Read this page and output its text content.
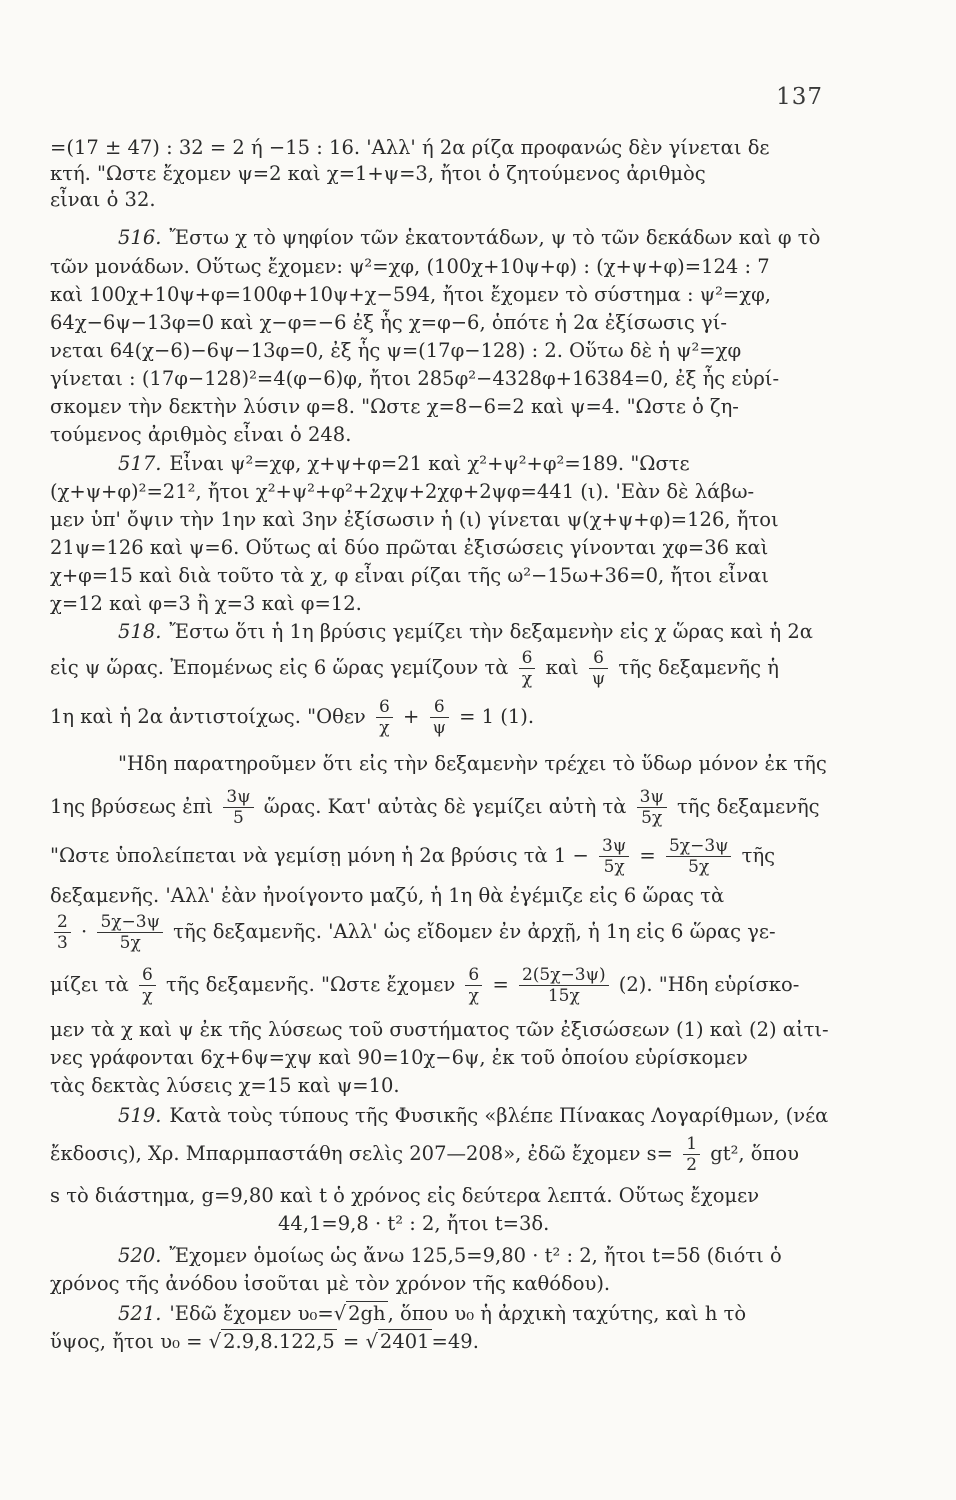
137
=(17 ± 47) : 32 = 2 ή −15 : 16. 'Αλλ' ή 2α ρίζα προφανώς δὲν γίνεται δε
κτή. "Ωστε ἔχομεν ψ=2 καὶ χ=1+ψ=3, ἤτοι ὁ ζητούμενος ἀριθμὸς
εἶναι ὁ 32.
516. Ἔστω χ τὸ ψηφίον τῶν ἑκατοντάδων, ψ τὸ τῶν δεκάδων καὶ φ τὸ
τῶν μονάδων. Οὕτως ἔχομεν: ψ²=χφ, (100χ+10ψ+φ) : (χ+ψ+φ)=124 : 7
καὶ 100χ+10ψ+φ=100φ+10ψ+χ−594, ἤτοι ἔχομεν τὸ σύστημα : ψ²=χφ,
64χ−6ψ−13φ=0 καὶ χ−φ=−6 ἐξ ἧς χ=φ−6, ὁπότε ἡ 2α ἐξίσωσις γί-
νεται 64(χ−6)−6ψ−13φ=0, ἐξ ἧς ψ=(17φ−128) : 2. Οὕτω δὲ ἡ ψ²=χφ
γίνεται : (17φ−128)²=4(φ−6)φ, ἤτοι 285φ²−4328φ+16384=0, ἐξ ἧς εὑρί-
σκομεν τὴν δεκτὴν λύσιν φ=8. "Ωστε χ=8−6=2 καὶ ψ=4. "Ωστε ὁ ζη-
τούμενος ἀριθμὸς εἶναι ὁ 248.
517. Εἶναι ψ²=χφ, χ+ψ+φ=21 καὶ χ²+ψ²+φ²=189. "Ωστε
(χ+ψ+φ)²=21², ἤτοι χ²+ψ²+φ²+2χψ+2χφ+2ψφ=441 (ι). 'Εὰν δὲ λάβω-
μεν ὑπ' ὄψιν τὴν 1ην καὶ 3ην ἐξίσωσιν ἡ (ι) γίνεται ψ(χ+ψ+φ)=126, ἤτοι
21ψ=126 καὶ ψ=6. Οὕτως αἱ δύο πρῶται ἐξισώσεις γίνονται χφ=36 καὶ
χ+φ=15 καὶ διὰ τοῦτο τὰ χ, φ εἶναι ρίζαι τῆς ω²−15ω+36=0, ἤτοι εἶναι
χ=12 καὶ φ=3 ἢ χ=3 καὶ φ=12.
518. Ἔστω ὅτι ἡ 1η βρύσις γεμίζει τὴν δεξαμενὴν εἰς χ ὥρας καὶ ἡ 2α
εἰς ψ ὥρας. Ἐπομένως εἰς 6 ὥρας γεμίζουν τὰ $\frac{6}{\chi}$ καὶ $\frac{6}{\psi}$ τῆς δεξαμενῆς ἡ
1η καὶ ἡ 2α ἀντιστοίχως. "$O\theta\varepsilon\nu \frac{6}{\chi} + \frac{6}{\psi} = 1$ (1).
"Ηδη παρατηροῦμεν ὅτι εἰς τὴν δεξαμενὴν τρέχει τὸ ὕδωρ μόνον ἐκ τῆς
1ης βρύσεως ἐπὶ $\frac{3\psi}{5}$ ὥρας. Κατ' αὐτὰς δὲ γεμίζει αὐτὴ τὰ $\frac{3\psi}{5\chi}$ τῆς δεξαμενῆς
"Ωστε ὑπολείπεται νὰ γεμίσῃ μόνη ἡ 2α βρύσις τὰ $1 - \frac{3\psi}{5\chi} = \frac{5\chi-3\psi}{5\chi}$ τῆς
δεξαμενῆς. 'Αλλ' ἐὰν ἠνοίγοντο μαζύ, ἡ 1η θὰ ἐγέμιζε εἰς 6 ὥρας τὰ
$\frac{2}{3} \cdot \frac{5\chi-3\psi}{5\chi}$ τῆς δεξαμενῆς. 'Αλλ' ὡς εἴδομεν ἐν ἀρχῇ, ἡ 1η εἰς 6 ὥρας γε-
μίζει τὰ $\frac{6}{\chi}$ τῆς δεξαμενῆς. "Ωστε ἔχομεν $\frac{6}{\chi} = \frac{2(5\chi-3\psi)}{15\chi} (2)$. "Ηδη εὑρίσκο-
μεν τὰ χ καὶ ψ ἐκ τῆς λύσεως τοῦ συστήματος τῶν ἐξισώσεων (1) καὶ (2) αἰτι-
νες γράφονται 6χ+6ψ=χψ καὶ 90=10χ−6ψ, ἐκ τοῦ ὁποίου εὑρίσκομεν
τὰς δεκτὰς λύσεις χ=15 καὶ ψ=10.
519. Κατὰ τοὺς τύπους τῆς Φυσικῆς «βλέπε Πίνακας Λογαρίθμων, (νέα
ἔκδοσις), Χρ. Μπαρμπαστάθη σελὶς 207—208», ἐδῶ ἔχομεν $s= \frac{1}{2} gt^2$, ὅπου
s τὸ διάστημα, g=9,80 καὶ t ὁ χρόνος εἰς δεύτερα λεπτά. Οὕτως ἔχομεν
44,1=9,8 · t² : 2, ἤτοι t=3δ.
520. Ἔχομεν ὁμοίως ὡς ἄνω 125,5=9,80 · t² : 2, ἤτοι t=5δ (διότι ὁ
χρόνος τῆς ἀνόδου ἰσοῦται μὲ τὸν χρόνον τῆς καθόδου).
521. 'Εδῶ ἔχομεν υ₀=√ 2gh , ὅπου υ₀ ἡ ἀρχικὴ ταχύτης, καὶ h τὸ
ὕψος, ἤτοι υ₀ = √ 2.9,8.122,5 = √ 2401 =49.
